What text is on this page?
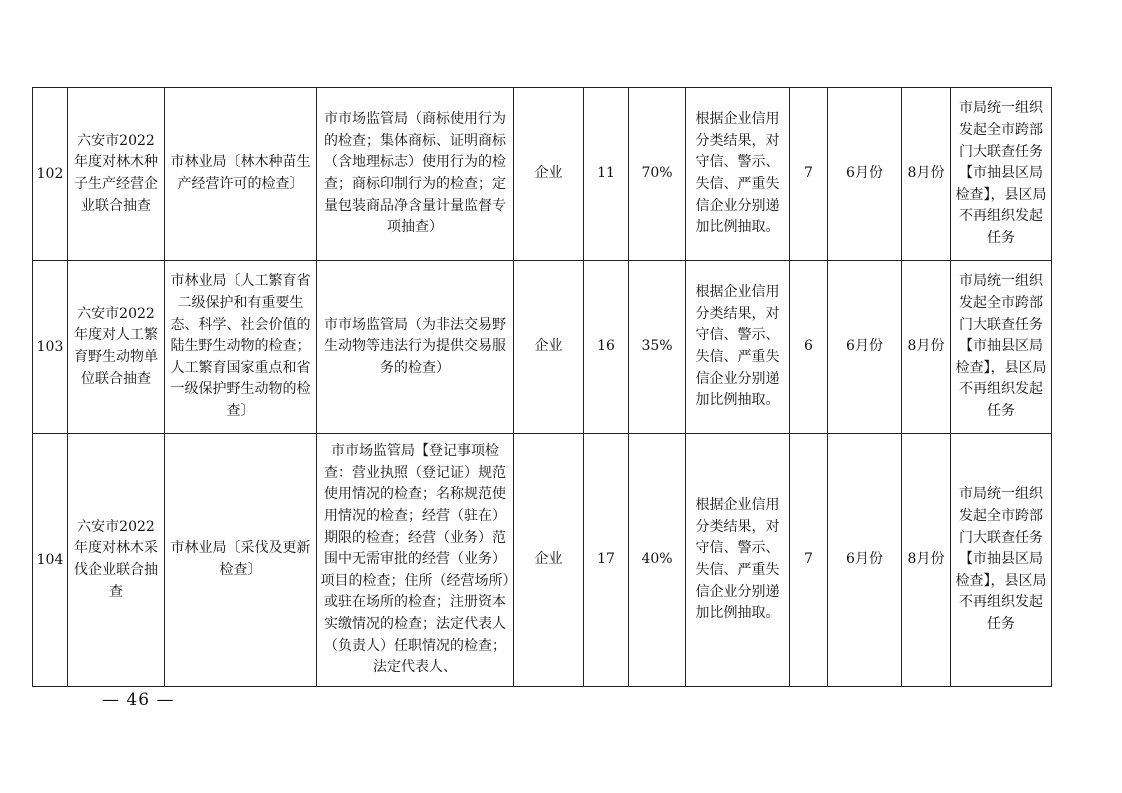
102	六安市2022年度对林木种子生产经营企业联合抽查	市林业局〔林木种苗生产经营许可的检查〕	市市场监管局（商标使用行为的检查；集体商标、证明商标（含地理标志）使用行为的检查；商标印制行为的检查；定量包装商品净含量计量监督专项抽查）	企业	11	70%	根据企业信用分类结果，对守信、警示、失信、严重失信企业分别递加比例抽取。	7	6月份	8月份	市局统一组织发起全市跨部门大联查任务【市抽县区局检查】，县区局不再组织发起任务
103	六安市2022年度对人工繁育野生动物单位联合抽查	市林业局〔人工繁育省二级保护和有重要生态、科学、社会价值的陆生野生动物的检查；人工繁育国家重点和省一级保护野生动物的检查〕	市市场监管局（为非法交易野生动物等违法行为提供交易服务的检查）	企业	16	35%	根据企业信用分类结果，对守信、警示、失信、严重失信企业分别递加比例抽取。	6	6月份	8月份	市局统一组织发起全市跨部门大联查任务【市抽县区局检查】，县区局不再组织发起任务
104	六安市2022年度对林木采伐企业联合抽查	市林业局〔采伐及更新检查〕	市市场监管局【登记事项检查：营业执照（登记证）规范使用情况的检查；名称规范使用情况的检查；经营（驻在）期限的检查；经营（业务）范围中无需审批的经营（业务）项目的检查；住所（经营场所）或驻在场所的检查；注册资本实缴情况的检查；法定代表人（负责人）任职情况的检查；法定代表人、	企业	17	40%	根据企业信用分类结果，对守信、警示、失信、严重失信企业分别递加比例抽取。	7	6月份	8月份	市局统一组织发起全市跨部门大联查任务【市抽县区局检查】，县区局不再组织发起任务
— 46 —
